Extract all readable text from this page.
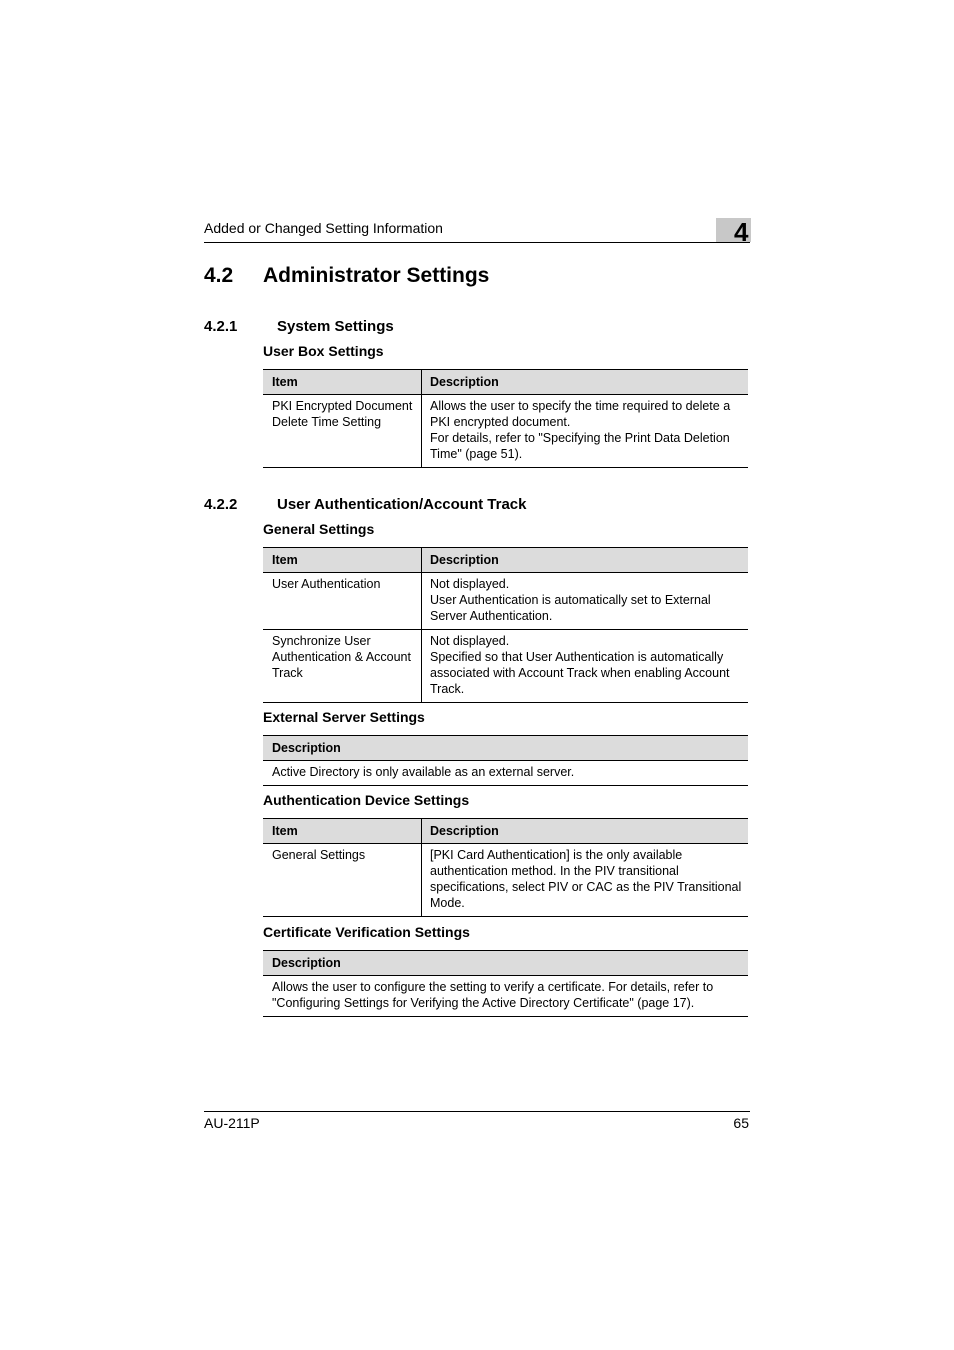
Added or Changed Setting Information	4
4.2 Administrator Settings
4.2.1	System Settings
User Box Settings
Item	Description

PKI Encrypted Document
Delete Time Setting	Allows the user to specify the time required to delete a
PKI encrypted document.
For details, refer to "Specifying the Print Data Deletion
Time" (page 51).
4.2.2	User Authentication/Account Track
General Settings
Item	Description

User Authentication	Not displayed.
User Authentication is automatically set to External
Server Authentication.

Synchronize User
Authentication & Account
Track	Not displayed.
Specified so that User Authentication is automatically
associated with Account Track when enabling Account
Track.
External Server Settings
Description

Active Directory is only available as an external server.
Authentication Device Settings
Item	Description

General Settings	[PKI Card Authentication] is the only available
authentication method. In the PIV transitional
specifications, select PIV or CAC as the PIV Transitional
Mode.
Certificate Verification Settings
Description

Allows the user to configure the setting to verify a certificate. For details, refer to
"Configuring Settings for Verifying the Active Directory Certificate" (page 17).
AU-211P	65
